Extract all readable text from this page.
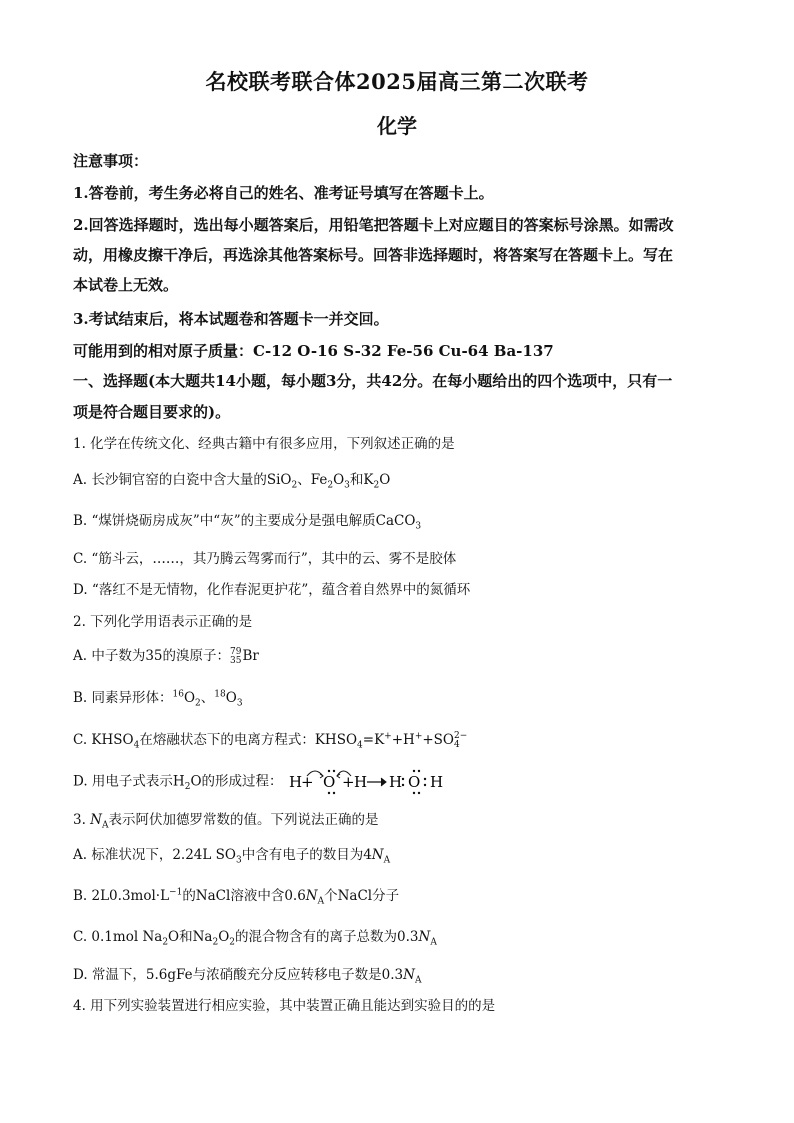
名校联考联合体2025届高三第二次联考
化学
注意事项：
1.答卷前，考生务必将自己的姓名、准考证号填写在答题卡上。
2.回答选择题时，选出每小题答案后，用铅笔把答题卡上对应题目的答案标号涂黑。如需改
动，用橡皮擦干净后，再选涂其他答案标号。回答非选择题时，将答案写在答题卡上。写在
本试卷上无效。
3.考试结束后，将本试题卷和答题卡一并交回。
可能用到的相对原子质量：C-12 O-16 S-32 Fe-56 Cu-64 Ba-137
一、选择题(本大题共14小题，每小题3分，共42分。在每小题给出的四个选项中，只有一
项是符合题目要求的)。
1. 化学在传统文化、经典古籍中有很多应用，下列叙述正确的是
A. 长沙铜官窑的白瓷中含大量的SiO$_2$、$Fe_2O_3$和$K_2O$
B. “煤饼烧砺房成灰”中“灰”的主要成分是强电解质CaCO$_3$
C. “筋斗云，……，其乃腾云驾雾而行”，其中的云、雾不是胶体
D. “落红不是无情物，化作春泥更护花”，蕴含着自然界中的氮循环
2. 下列化学用语表示正确的是
A. 中子数为35的溴原子：79
35Br
B. 同素异形体：$^{16}O_2$、$^{18}O_3$
C. $KHSO_4$在熔融状态下的电离方程式：$KHSO_4=K^++H^++SO2-$
4
D. 用电子式表示$H_2O$的形成过程： H
+ O + H H O H
3. $N_A$表示阿伏加德罗常数的值。下列说法正确的是
A. 标准状况下，2.24L $SO_3$中含有电子的数目为$4N_A$
B. $2L0.3mol\cdot L^{-1}$的NaCl溶液中含$0.6N_A$个NaCl分子
C. 0.1mol $Na_2O$和$Na_2O_2$的混合物含有的离子总数为$0.3N_A$
D. 常温下，5.6gFe与浓硝酸充分反应转移电子数是$0.3N_A$
4. 用下列实验装置进行相应实验，其中装置正确且能达到实验目的的是
